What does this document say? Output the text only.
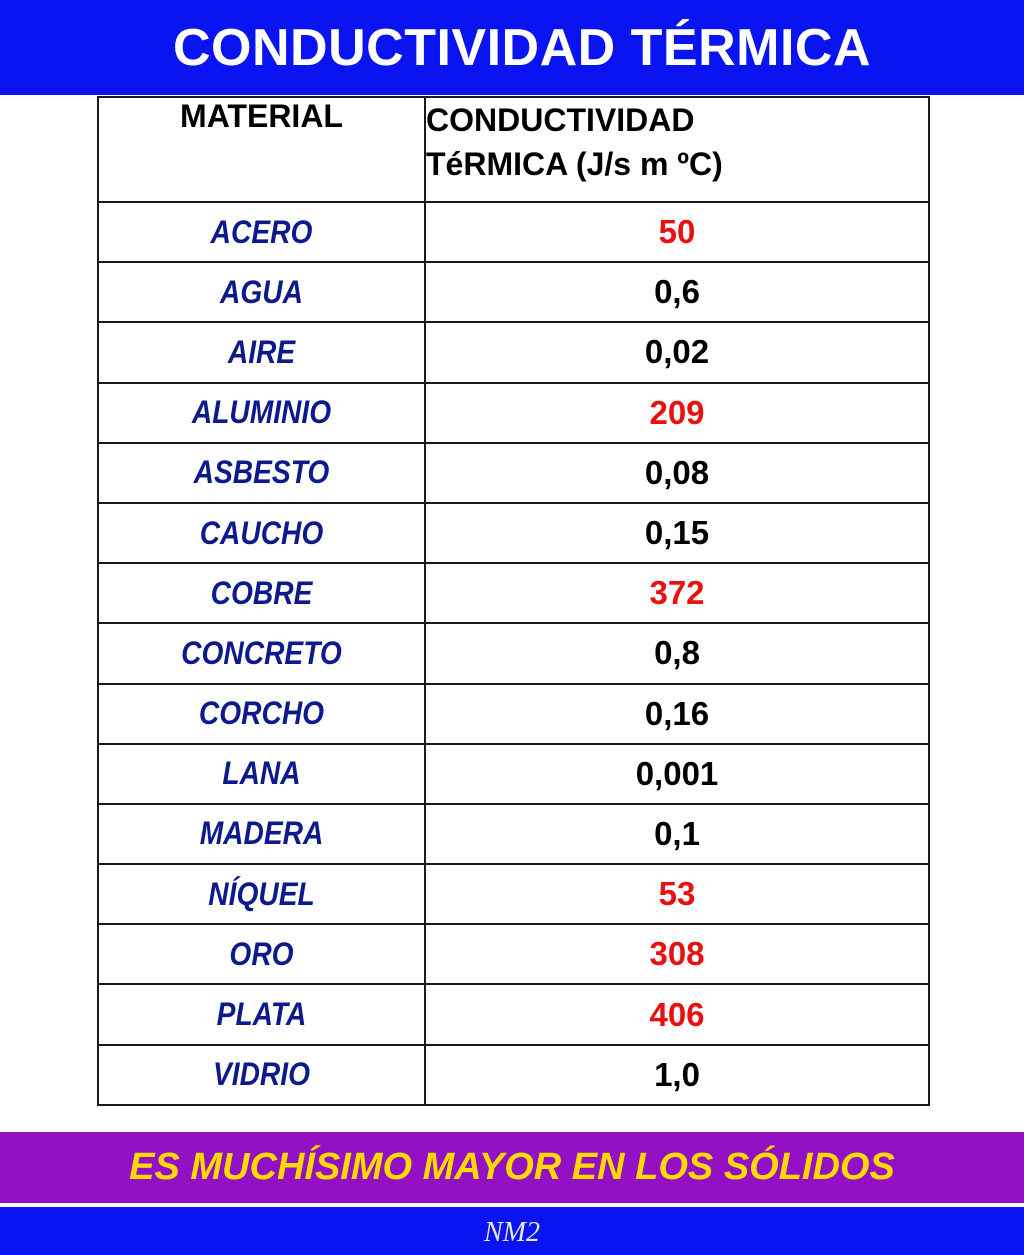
CONDUCTIVIDAD TÉRMICA
MATERIAL	CONDUCTIVIDAD
TéRMICA (J/s m ºC)

ACERO	50
AGUA	0,6
AIRE	0,02
ALUMINIO	209
ASBESTO	0,08
CAUCHO	0,15
COBRE	372
CONCRETO	0,8
CORCHO	0,16
LANA	0,001
MADERA	0,1
NÍQUEL	53
ORO	308
PLATA	406
VIDRIO	1,0
ES MUCHÍSIMO MAYOR EN LOS SÓLIDOS
NM2
